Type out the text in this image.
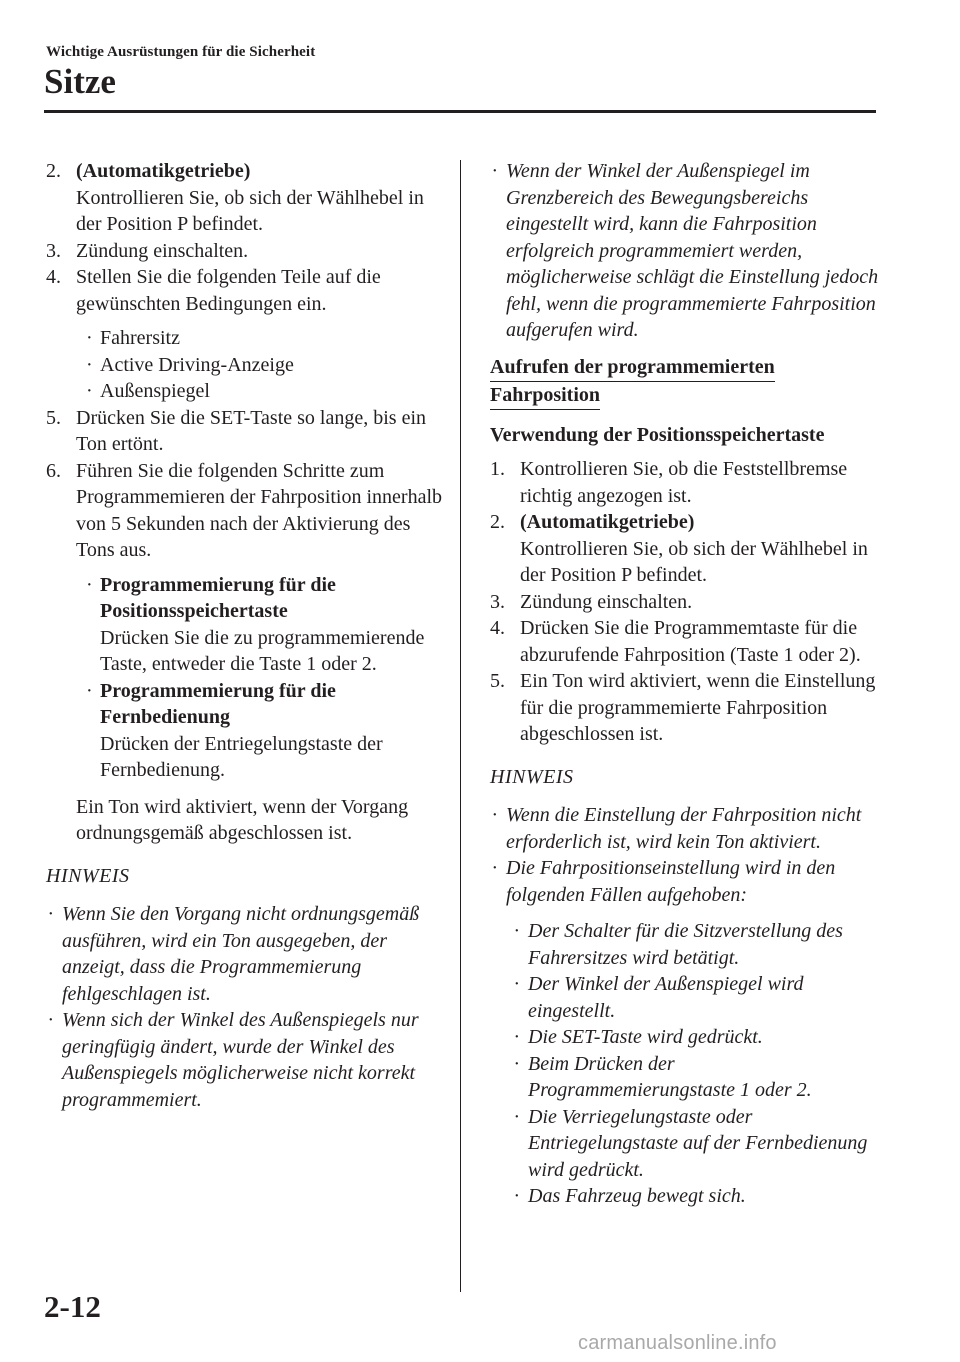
Wichtige Ausrüstungen für die Sicherheit
Sitze
2. (Automatikgetriebe)
Kontrollieren Sie, ob sich der Wählhebel in der Position P befindet.
3. Zündung einschalten.
4. Stellen Sie die folgenden Teile auf die gewünschten Bedingungen ein.
· Fahrersitz
· Active Driving-Anzeige
· Außenspiegel
5. Drücken Sie die SET-Taste so lange, bis ein Ton ertönt.
6. Führen Sie die folgenden Schritte zum Programmemieren der Fahrposition innerhalb von 5 Sekunden nach der Aktivierung des Tons aus.
· Programmemierung für die Positionsspeichertaste
Drücken Sie die zu programmemierende Taste, entweder die Taste 1 oder 2.
· Programmemierung für die Fernbedienung
Drücken der Entriegelungstaste der Fernbedienung.
Ein Ton wird aktiviert, wenn der Vorgang ordnungsgemäß abgeschlossen ist.
HINWEIS
· Wenn Sie den Vorgang nicht ordnungsgemäß ausführen, wird ein Ton ausgegeben, der anzeigt, dass die Programmemierung fehlgeschlagen ist.
· Wenn sich der Winkel des Außenspiegels nur geringfügig ändert, wurde der Winkel des Außenspiegels möglicherweise nicht korrekt programmemiert.
· Wenn der Winkel der Außenspiegel im Grenzbereich des Bewegungsbereichs eingestellt wird, kann die Fahrposition erfolgreich programmemiert werden, möglicherweise schlägt die Einstellung jedoch fehl, wenn die programmemierte Fahrposition aufgerufen wird.
Aufrufen der programmemierten
Fahrposition
Verwendung der Positionsspeichertaste
1. Kontrollieren Sie, ob die Feststellbremse richtig angezogen ist.
2. (Automatikgetriebe)
Kontrollieren Sie, ob sich der Wählhebel in der Position P befindet.
3. Zündung einschalten.
4. Drücken Sie die Programmemtaste für die abzurufende Fahrposition (Taste 1 oder 2).
5. Ein Ton wird aktiviert, wenn die Einstellung für die programmemierte Fahrposition abgeschlossen ist.
HINWEIS
· Wenn die Einstellung der Fahrposition nicht erforderlich ist, wird kein Ton aktiviert.
· Die Fahrpositionseinstellung wird in den folgenden Fällen aufgehoben:
· Der Schalter für die Sitzverstellung des Fahrersitzes wird betätigt.
· Der Winkel der Außenspiegel wird eingestellt.
· Die SET-Taste wird gedrückt.
· Beim Drücken der Programmemierungstaste 1 oder 2.
· Die Verriegelungstaste oder Entriegelungstaste auf der Fernbedienung wird gedrückt.
· Das Fahrzeug bewegt sich.
2-12
carmanualsonline.info
